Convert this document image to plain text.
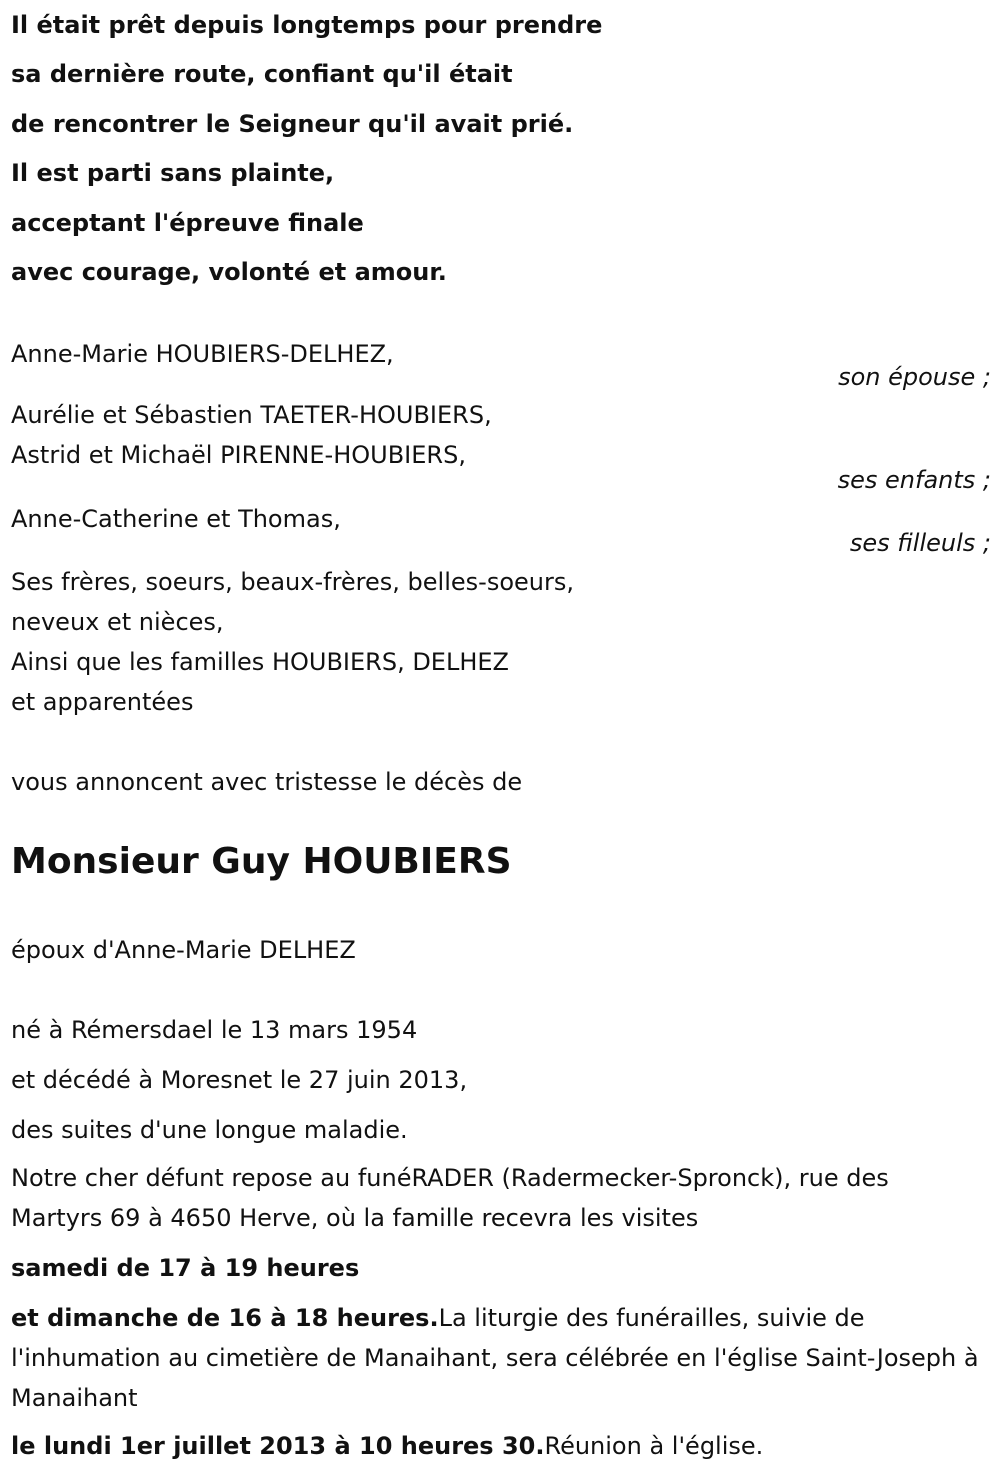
Il était prêt depuis longtemps pour prendre
sa dernière route, confiant qu'il était
de rencontrer le Seigneur qu'il avait prié.
Il est parti sans plainte,
acceptant l'épreuve finale
avec courage, volonté et amour.
Anne-Marie HOUBIERS-DELHEZ,
son épouse ;
Aurélie et Sébastien TAETER-HOUBIERS,
Astrid et Michaël PIRENNE-HOUBIERS,
ses enfants ;
Anne-Catherine et Thomas,
ses filleuls ;
Ses frères, soeurs, beaux-frères, belles-soeurs,
neveux et nièces,
Ainsi que les familles HOUBIERS, DELHEZ
et apparentées
vous annoncent avec tristesse le décès de
Monsieur Guy HOUBIERS
époux d'Anne-Marie DELHEZ
né à Rémersdael le 13 mars 1954
et décédé à Moresnet le 27 juin 2013,
des suites d'une longue maladie.
Notre cher défunt repose au funéRADER (Radermecker-Spronck), rue des Martyrs 69 à 4650 Herve, où la famille recevra les visites
samedi de 17 à 19 heures
et dimanche de 16 à 18 heures.La liturgie des funérailles, suivie de l'inhumation au cimetière de Manaihant, sera célébrée en l'église Saint-Joseph à Manaihant
le lundi 1er juillet 2013 à 10 heures 30.Réunion à l'église.
